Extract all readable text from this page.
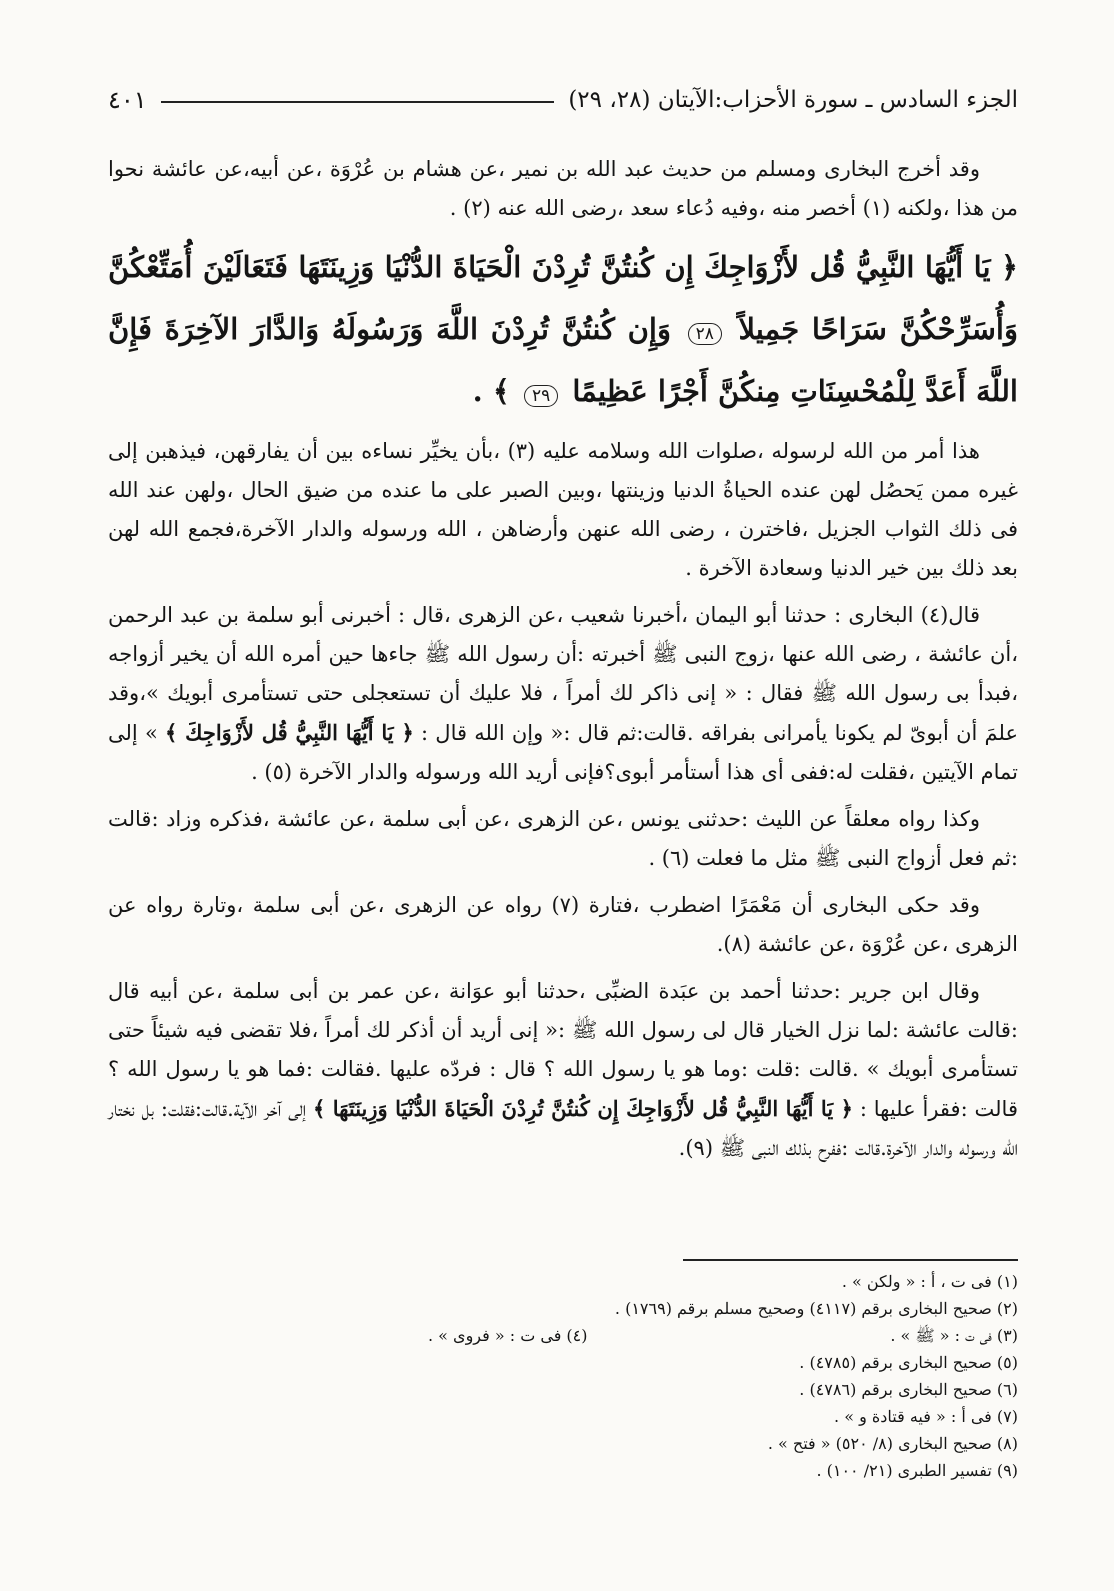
الجزء السادس ـ سورة الأحزاب:الآيتان (٢٨، ٢٩)
٤٠١

وقد أخرج البخارى ومسلم من حديث عبد الله بن نمير ،عن هشام بن عُرْوَة ،عن أبيه،عن عائشة نحوا من هذا ،ولكنه (١) أخصر منه ،وفيه دُعاء سعد ،رضى الله عنه (٢) .

﴿ يَا أَيُّهَا النَّبِيُّ قُل لأَزْوَاجِكَ إِن كُنتُنَّ تُرِدْنَ الْحَيَاةَ الدُّنْيَا وَزِينَتَهَا فَتَعَالَيْنَ أُمَتِّعْكُنَّ وَأُسَرِّحْكُنَّ سَرَاحًا جَمِيلاً ٢٨ وَإِن كُنتُنَّ تُرِدْنَ اللَّهَ وَرَسُولَهُ وَالدَّارَ الآخِرَةَ فَإِنَّ اللَّهَ أَعَدَّ لِلْمُحْسِنَاتِ مِنكُنَّ أَجْرًا عَظِيمًا ٢٩ ﴾ .

هذا أمر من الله لرسوله ،صلوات الله وسلامه عليه (٣) ،بأن يخيِّر نساءه بين أن يفارقهن، فيذهبن إلى غيره ممن يَحصُل لهن عنده الحياةُ الدنيا وزينتها ،وبين الصبر على ما عنده من ضيق الحال ،ولهن عند الله فى ذلك الثواب الجزيل ،فاخترن ، رضى الله عنهن وأرضاهن ، الله ورسوله والدار الآخرة،فجمع الله لهن بعد ذلك بين خير الدنيا وسعادة الآخرة .

قال(٤) البخارى : حدثنا أبو اليمان ،أخبرنا شعيب ،عن الزهرى ،قال : أخبرنى أبو سلمة بن عبد الرحمن ،أن عائشة ، رضى الله عنها ،زوج النبى ﷺ أخبرته :أن رسول الله ﷺ جاءها حين أمره الله أن يخير أزواجه ،فبدأ بى رسول الله ﷺ فقال : « إنى ذاكر لك أمراً ، فلا عليك أن تستعجلى حتى تستأمرى أبويك »،وقد علمَ أن أبوىّ لم يكونا يأمرانى بفراقه .قالت:ثم قال :« وإن الله قال : ﴿ يَا أَيُّهَا النَّبِيُّ قُل لأَزْوَاجِكَ ﴾ » إلى تمام الآيتين ،فقلت له:ففى أى هذا أستأمر أبوى؟فإنى أريد الله ورسوله والدار الآخرة (٥) .

وكذا رواه معلقاً عن الليث :حدثنى يونس ،عن الزهرى ،عن أبى سلمة ،عن عائشة ،فذكره وزاد :قالت :ثم فعل أزواج النبى ﷺ مثل ما فعلت (٦) .

وقد حكى البخارى أن مَعْمَرًا اضطرب ،فتارة (٧) رواه عن الزهرى ،عن أبى سلمة ،وتارة رواه عن الزهرى ،عن عُرْوَة ،عن عائشة (٨).

وقال ابن جرير :حدثنا أحمد بن عبَدة الضبِّى ،حدثنا أبو عوَانة ،عن عمر بن أبى سلمة ،عن أبيه قال :قالت عائشة :لما نزل الخيار قال لى رسول الله ﷺ :« إنى أريد أن أذكر لك أمراً ،فلا تقضى فيه شيئاً حتى تستأمرى أبويك » .قالت :قلت :وما هو يا رسول الله ؟ قال : فردّه عليها .فقالت :فما هو يا رسول الله ؟ قالت :فقرأ عليها : ﴿ يَا أَيُّهَا النَّبِيُّ قُل لأَزْوَاجِكَ إِن كُنتُنَّ تُرِدْنَ الْحَيَاةَ الدُّنْيَا وَزِينَتَهَا ﴾ إلى آخر الآية.قالت:فقلت: بل نختار الله ورسوله والدار الآخرة.قالت :ففرح بذلك النبى ﷺ (٩).

(١) فى ت ، أ : « ولكن » .

(٢) صحيح البخارى برقم (٤١١٧) وصحيح مسلم برقم (١٧٦٩) .

(٣) فى ت : « ﷺ » .
(٤) فى ت : « فروى » .

(٥) صحيح البخارى برقم (٤٧٨٥) .

(٦) صحيح البخارى برقم (٤٧٨٦) .

(٧) فى أ : « فيه قتادة و » .

(٨) صحيح البخارى (٨/ ٥٢٠) « فتح » .

(٩) تفسير الطبرى (٢١/ ١٠٠) .
